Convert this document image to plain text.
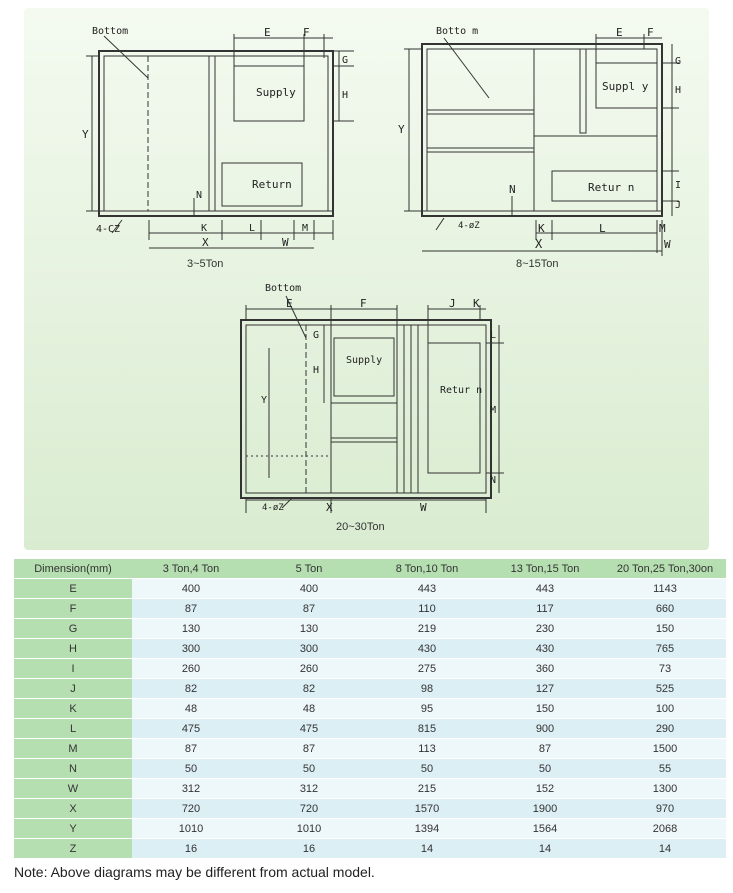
Bottom
Supply
Return
E	F
G
H
Y
N
K	L	M
X	W
4-CZ
3~5Ton
Botto m
Suppl y
Retur n
E F
G
H
I
J
Y
N
K	L	M
X	W
4-øZ
8~15Ton
Bottom
Supply
Retur n
E	F
G
H
J K
L
M
N
Y
X	W
4-øZ
20~30Ton
Dimension(mm)	3 Ton,4 Ton	5 Ton	8 Ton,10 Ton	13 Ton,15 Ton	20 Ton,25 Ton,30on
E	400	400	443	443	1143
F	87	87	110	117	660
G	130	130	219	230	150
H	300	300	430	430	765
I	260	260	275	360	73
J	82	82	98	127	525
K	48	48	95	150	100
L	475	475	815	900	290
M	87	87	113	87	1500
N	50	50	50	50	55
W	312	312	215	152	1300
X	720	720	1570	1900	970
Y	1010	1010	1394	1564	2068
Z	16	16	14	14	14
Note: Above diagrams may be different from actual model.
